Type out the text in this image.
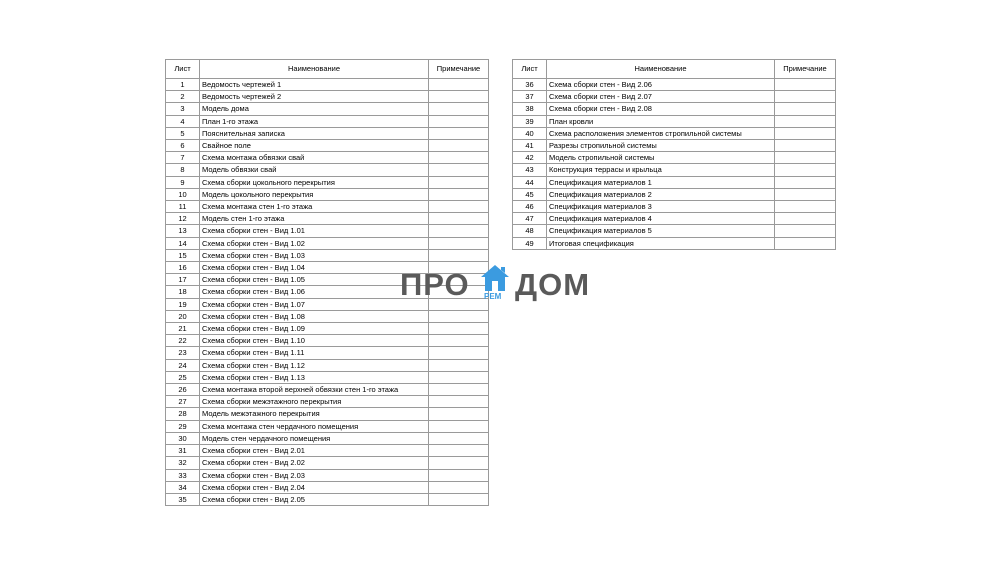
Лист	Наименование	Примечание
1	Ведомость чертежей 1	
2	Ведомость чертежей 2	
3	Модель дома	
4	План 1-го этажа	
5	Пояснительная записка	
6	Свайное поле	
7	Схема монтажа обвязки свай	
8	Модель обвязки свай	
9	Схема сборки цокольного перекрытия	
10	Модель цокольного перекрытия	
11	Схема монтажа стен 1-го этажа	
12	Модель стен 1-го этажа	
13	Схема сборки стен - Вид 1.01	
14	Схема сборки стен - Вид 1.02	
15	Схема сборки стен - Вид 1.03	
16	Схема сборки стен - Вид 1.04	
17	Схема сборки стен - Вид 1.05	
18	Схема сборки стен - Вид 1.06	
19	Схема сборки стен - Вид 1.07	
20	Схема сборки стен - Вид 1.08	
21	Схема сборки стен - Вид 1.09	
22	Схема сборки стен - Вид 1.10	
23	Схема сборки стен - Вид 1.11	
24	Схема сборки стен - Вид 1.12	
25	Схема сборки стен - Вид 1.13	
26	Схема монтажа второй верхней обвязки стен 1-го этажа	
27	Схема сборки межэтажного перекрытия	
28	Модель межэтажного перекрытия	
29	Схема монтажа стен чердачного помещения	
30	Модель стен чердачного помещения	
31	Схема сборки стен - Вид 2.01	
32	Схема сборки стен - Вид 2.02	
33	Схема сборки стен - Вид 2.03	
34	Схема сборки стен - Вид 2.04	
35	Схема сборки стен - Вид 2.05	
Лист	Наименование	Примечание
36	Схема сборки стен - Вид 2.06	
37	Схема сборки стен - Вид 2.07	
38	Схема сборки стен - Вид 2.08	
39	План кровли	
40	Схема расположения элементов стропильной системы	
41	Разрезы стропильной системы	
42	Модель стропильной системы	
43	Конструкция террасы и крыльца	
44	Спецификация материалов 1	
45	Спецификация материалов 2	
46	Спецификация материалов 3	
47	Спецификация материалов 4	
48	Спецификация материалов 5	
49	Итоговая спецификация	
ПРО РЕМ ДОМ
